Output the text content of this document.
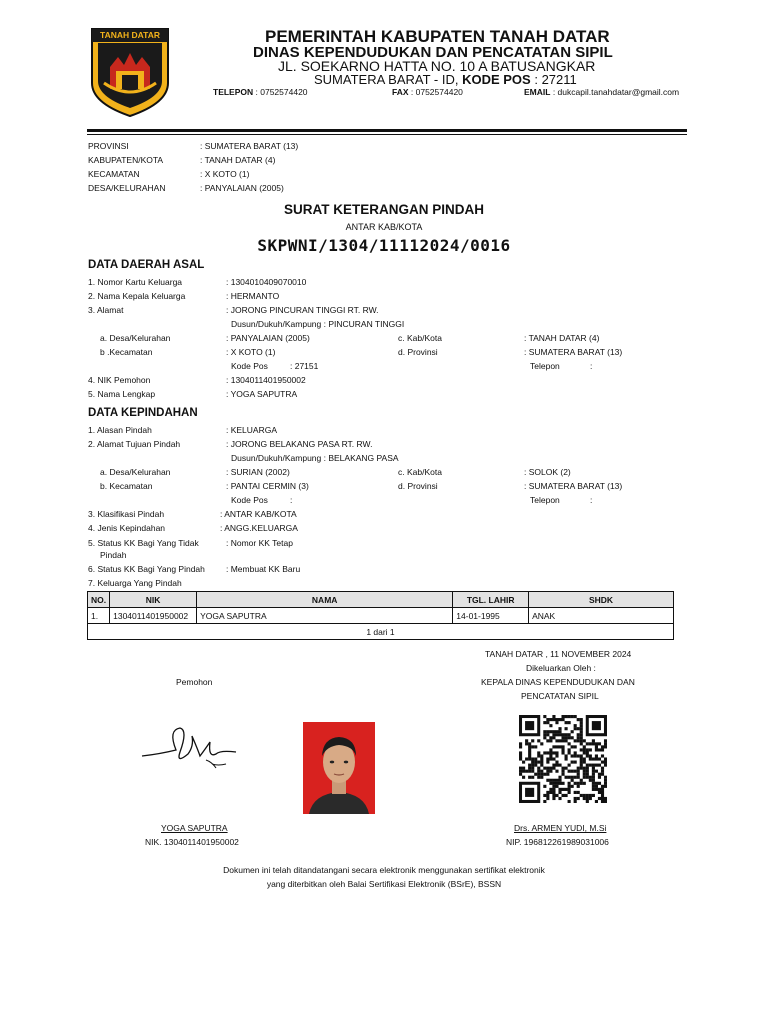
TANAH DATAR	PEMERINTAH KABUPATEN TANAH DATAR
DINAS KEPENDUDUKAN DAN PENCATATAN SIPIL
JL. SOEKARNO HATTA NO. 10 A BATUSANGKAR
SUMATERA BARAT - ID, KODE POS : 27211
TELEPON : 0752574420	FAX : 0752574420	EMAIL : dukcapil.tanahdatar@gmail.com
PROVINSI	: SUMATERA BARAT (13)
KABUPATEN/KOTA	: TANAH DATAR (4)
KECAMATAN	: X KOTO (1)
DESA/KELURAHAN	: PANYALAIAN (2005)
SURAT KETERANGAN PINDAH
ANTAR KAB/KOTA
SKPWNI/1304/11112024/0016
DATA DAERAH ASAL
1. Nomor Kartu Keluarga	: 1304010409070010
2. Nama Kepala Keluarga	: HERMANTO
3. Alamat	: JORONG PINCURAN TINGGI RT. RW.
Dusun/Dukuh/Kampung : PINCURAN TINGGI
a. Desa/Kelurahan	: PANYALAIAN (2005)	c. Kab/Kota	: TANAH DATAR (4)
b .Kecamatan	: X KOTO (1)	d. Provinsi	: SUMATERA BARAT (13)
Kode Pos	: 27151	Telepon	:
4. NIK Pemohon	: 1304011401950002
5. Nama Lengkap	: YOGA SAPUTRA
DATA KEPINDAHAN
1. Alasan Pindah	: KELUARGA
2. Alamat Tujuan Pindah	: JORONG BELAKANG PASA RT. RW.
Dusun/Dukuh/Kampung : BELAKANG PASA
a. Desa/Kelurahan	: SURIAN (2002)	c. Kab/Kota	: SOLOK (2)
b. Kecamatan	: PANTAI CERMIN (3)	d. Provinsi	: SUMATERA BARAT (13)
Kode Pos	:	Telepon	:
3. Klasifikasi Pindah	: ANTAR KAB/KOTA
4. Jenis Kepindahan	: ANGG.KELUARGA
5. Status KK Bagi Yang Tidak
Pindah
: Nomor KK Tetap
6. Status KK Bagi Yang Pindah : Membuat KK Baru
7. Keluarga Yang Pindah
NO.	NIK	NAMA	TGL. LAHIR	SHDK
1.	1304011401950002	YOGA SAPUTRA	14-01-1995	ANAK
1 dari 1				
TANAH DATAR , 11 NOVEMBER 2024
Dikeluarkan Oleh :
KEPALA DINAS KEPENDUDUKAN DAN
PENCATATAN SIPIL
Pemohon
YOGA SAPUTRA
NIK. 1304011401950002
Drs. ARMEN YUDI, M.Si
NIP. 196812261989031006
Dokumen ini telah ditandatangani secara elektronik menggunakan sertifikat elektronik
yang diterbitkan oleh Balai Sertifikasi Elektronik (BSrE), BSSN
